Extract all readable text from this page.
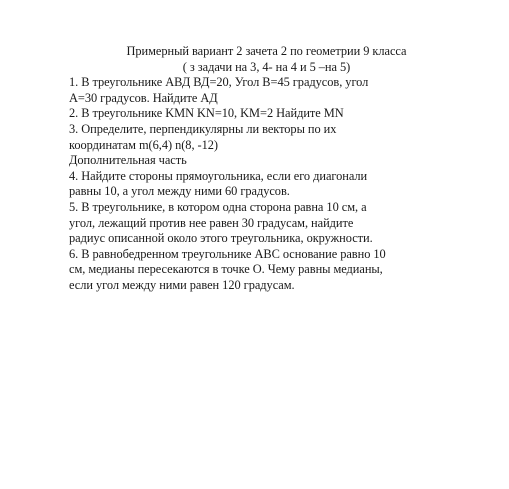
Примерный вариант 2 зачета 2 по геометрии 9 класса

( з задачи на 3, 4- на 4 и 5 –на 5)

1. В треугольнике АВД ВД=20, Угол В=45 градусов, угол

А=30 градусов. Найдите АД

2. В треугольнике KMN KN=10, KM=2 Найдите MN

3. Определите, перпендикулярны ли векторы по их

координатам m(6,4) n(8, -12)

Дополнительная часть

4. Найдите стороны прямоугольника, если его диагонали

равны 10, а угол между ними 60 градусов.

5. В треугольнике, в котором одна сторона равна 10 см, а

угол, лежащий против нее равен 30 градусам, найдите

радиус описанной около этого треугольника, окружности.

6. В равнобедренном треугольнике АВС основание равно 10

см, медианы пересекаются в точке О. Чему равны медианы,

если угол между ними равен 120 градусам.
